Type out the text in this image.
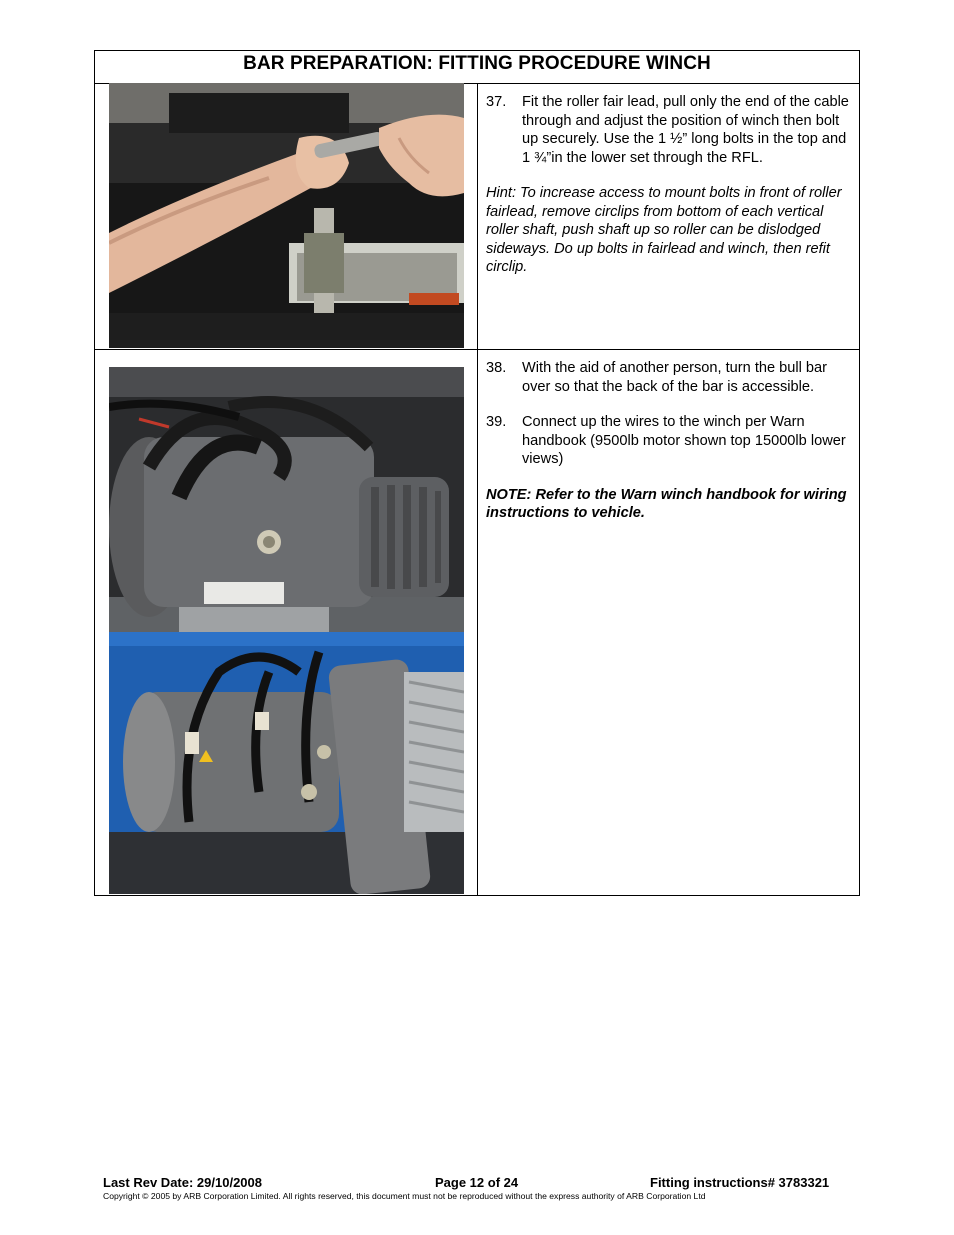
BAR PREPARATION: FITTING PROCEDURE WINCH
37.	Fit the roller fair lead, pull only the end of the cable through and adjust the position of winch then bolt up securely. Use the 1 ½” long bolts in the top and 1 ¾”in the lower set through the RFL.

Hint: To increase access to mount bolts in front of roller fairlead, remove circlips from bottom of each vertical roller shaft, push shaft up so roller can be dislodged sideways. Do up bolts in fairlead and winch, then refit circlip.

38.	With the aid of another person, turn the bull bar over so that the back of the bar is accessible.
39.	Connect up the wires to the winch per Warn handbook (9500lb motor shown top 15000lb lower views)

NOTE: Refer to the Warn winch handbook for wiring instructions to vehicle.

Last Rev Date: 29/10/2008	Page 12 of 24	Fitting instructions# 3783321
Copyright © 2005 by ARB Corporation Limited. All rights reserved, this document must not be reproduced without the express authority of ARB Corporation Ltd
